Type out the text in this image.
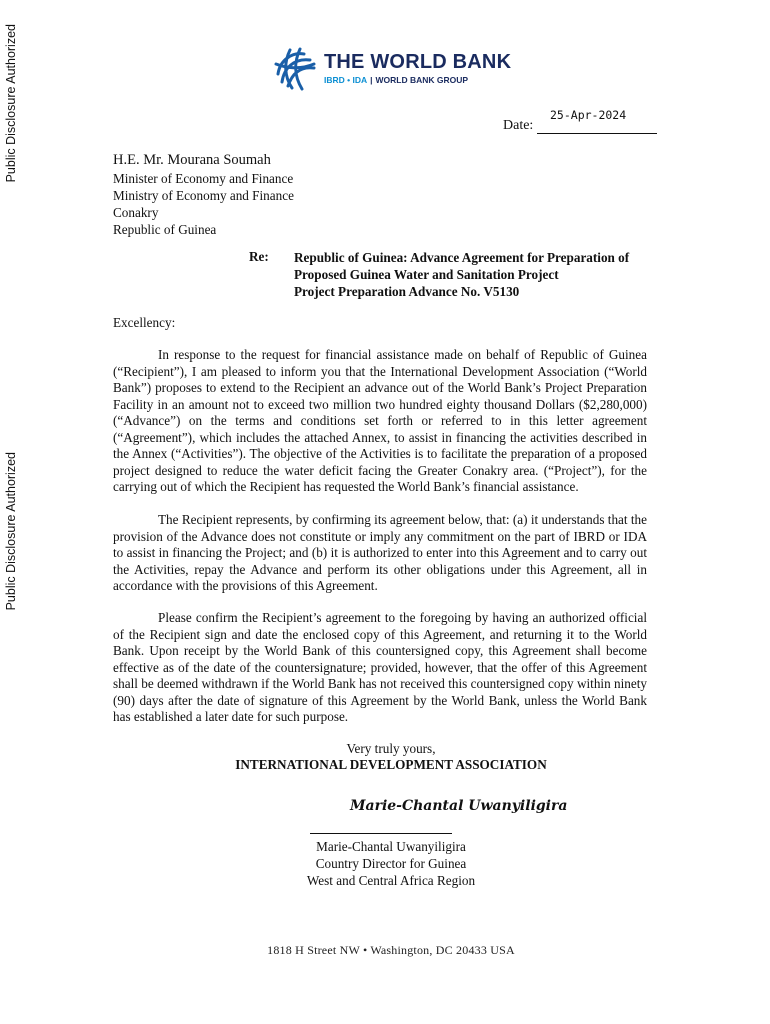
Public Disclosure Authorized
Public Disclosure Authorized
THE WORLD BANK
IBRD • IDA | WORLD BANK GROUP
25-Apr-2024
Date:
H.E. Mr. Mourana Soumah
Minister of Economy and Finance
Ministry of Economy and Finance
Conakry
Republic of Guinea
Re: Republic of Guinea: Advance Agreement for Preparation of
Proposed Guinea Water and Sanitation Project
Project Preparation Advance No. V5130
Excellency:
In response to the request for financial assistance made on behalf of Republic of Guinea (“Recipient”), I am pleased to inform you that the International Development Association (“World Bank”) proposes to extend to the Recipient an advance out of the World Bank’s Project Preparation Facility in an amount not to exceed two million two hundred eighty thousand Dollars ($2,280,000) (“Advance”) on the terms and conditions set forth or referred to in this letter agreement (“Agreement”), which includes the attached Annex, to assist in financing the activities described in the Annex (“Activities”). The objective of the Activities is to facilitate the preparation of a proposed project designed to reduce the water deficit facing the Greater Conakry area. (“Project”), for the carrying out of which the Recipient has requested the World Bank’s financial assistance.
The Recipient represents, by confirming its agreement below, that: (a) it understands that the provision of the Advance does not constitute or imply any commitment on the part of IBRD or IDA to assist in financing the Project; and (b) it is authorized to enter into this Agreement and to carry out the Activities, repay the Advance and perform its other obligations under this Agreement, all in accordance with the provisions of this Agreement.
Please confirm the Recipient’s agreement to the foregoing by having an authorized official of the Recipient sign and date the enclosed copy of this Agreement, and returning it to the World Bank. Upon receipt by the World Bank of this countersigned copy, this Agreement shall become effective as of the date of the countersignature; provided, however, that the offer of this Agreement shall be deemed withdrawn if the World Bank has not received this countersigned copy within ninety (90) days after the date of signature of this Agreement by the World Bank, unless the World Bank has established a later date for such purpose.
Very truly yours,
INTERNATIONAL DEVELOPMENT ASSOCIATION
Marie-Chantal Uwanyiligira
Marie-Chantal Uwanyiligira
Country Director for Guinea
West and Central Africa Region
1818 H Street NW • Washington, DC 20433 USA
